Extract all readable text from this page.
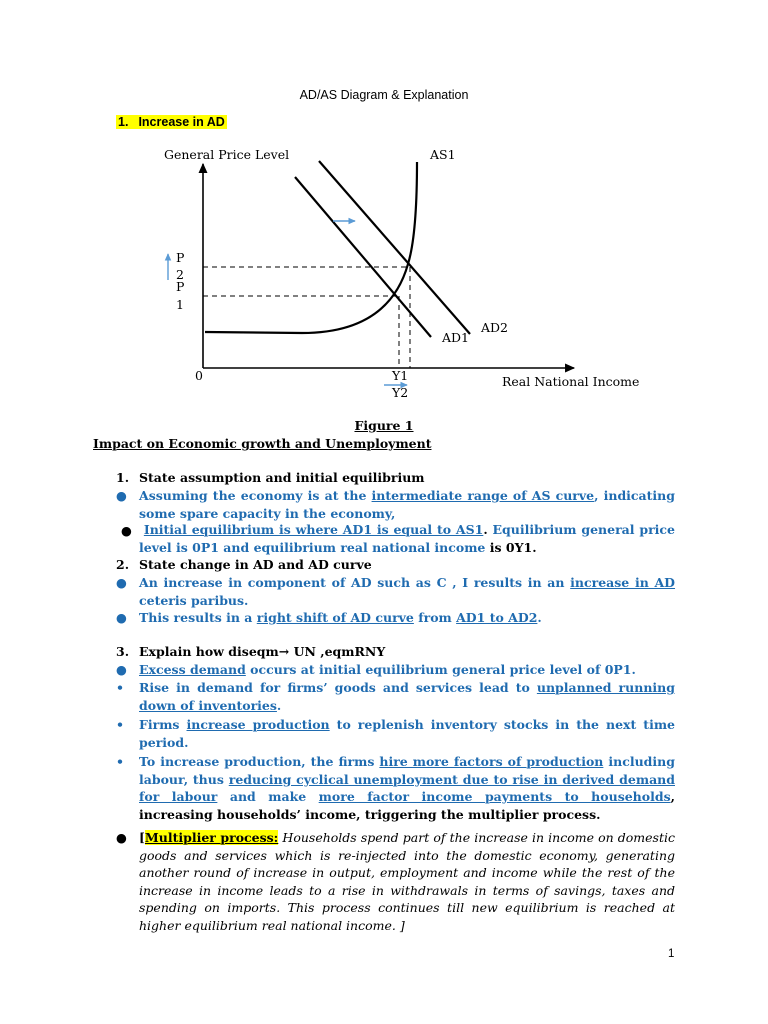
AD/AS Diagram & Explanation
1. Increase in AD
General Price Level	AS1
AD2
AD1
0	Real National Income
P
2
P
1
Y1
Y2
Figure 1
Impact on Economic growth and Unemployment
1. State assumption and initial equilibrium
● Assuming the economy is at the intermediate range of AS curve, indicating some spare capacity in the economy,
● Initial equilibrium is where AD1 is equal to AS1. Equilibrium general price level is 0P1 and equilibrium real national income is 0Y1.
2. State change in AD and AD curve
● An increase in component of AD such as C , I results in an increase in AD ceteris paribus.
● This results in a right shift of AD curve from AD1 to AD2.
3. Explain how diseqm→ UN ,eqmRNY
● Excess demand occurs at initial equilibrium general price level of 0P1.
• Rise in demand for firms’ goods and services lead to unplanned running down of inventories.
• Firms increase production to replenish inventory stocks in the next time period.
• To increase production, the firms hire more factors of production including labour, thus reducing cyclical unemployment due to rise in derived demand for labour and make more factor income payments to households, increasing households’ income, triggering the multiplier process.
● [Multiplier process: Households spend part of the increase in income on domestic goods and services which is re-injected into the domestic economy, generating another round of increase in output, employment and income while the rest of the increase in income leads to a rise in withdrawals in terms of savings, taxes and spending on imports. This process continues till new equilibrium is reached at higher equilibrium real national income. ]
1
